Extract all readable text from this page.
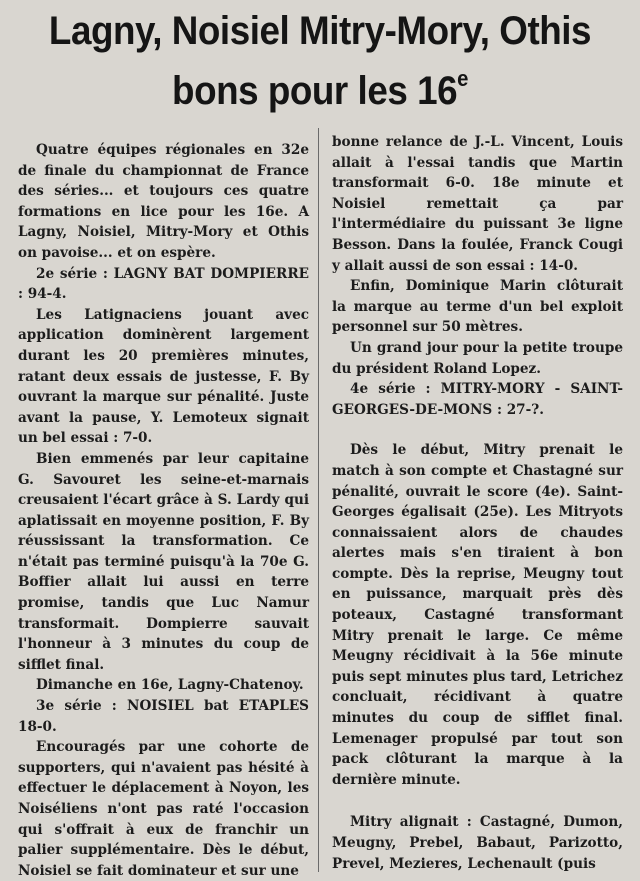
Lagny, Noisiel Mitry-Mory, Othis
bons pour les 16e

Quatre équipes régionales en 32e de finale du championnat de France des séries... et toujours ces quatre formations en lice pour les 16e. A Lagny, Noisiel, Mitry-Mory et Othis on pavoise... et on espère.

2e série : LAGNY BAT DOMPIERRE : 94-4.

Les Latignaciens jouant avec application dominèrent largement durant les 20 premières minutes, ratant deux essais de justesse, F. By ouvrant la marque sur pénalité. Juste avant la pause, Y. Lemoteux signait un bel essai : 7-0.

Bien emmenés par leur capitaine G. Savouret les seine-et-marnais creusaient l'écart grâce à S. Lardy qui aplatissait en moyenne position, F. By réussissant la transformation. Ce n'était pas terminé puisqu'à la 70e G. Boffier allait lui aussi en terre promise, tandis que Luc Namur transformait. Dompierre sauvait l'honneur à 3 minutes du coup de sifflet final.

Dimanche en 16e, Lagny-Chatenoy.

3e série : NOISIEL bat ETAPLES 18-0.

Encouragés par une cohorte de supporters, qui n'avaient pas hésité à effectuer le déplacement à Noyon, les Noiséliens n'ont pas raté l'occasion qui s'offrait à eux de franchir un palier supplémentaire. Dès le début, Noisiel se fait dominateur et sur une

bonne relance de J.-L. Vincent, Louis allait à l'essai tandis que Martin transformait 6-0. 18e minute et Noisiel remettait ça par l'intermédiaire du puissant 3e ligne Besson. Dans la foulée, Franck Cougi y allait aussi de son essai : 14-0.

Enfin, Dominique Marin clôturait la marque au terme d'un bel exploit personnel sur 50 mètres.

Un grand jour pour la petite troupe du président Roland Lopez.

4e série : MITRY-MORY - SAINT-GEORGES-DE-MONS : 27-?.

Dès le début, Mitry prenait le match à son compte et Chastagné sur pénalité, ouvrait le score (4e). Saint-Georges égalisait (25e). Les Mitryots connaissaient alors de chaudes alertes mais s'en tiraient à bon compte. Dès la reprise, Meugny tout en puissance, marquait près dès poteaux, Castagné transformant Mitry prenait le large. Ce même Meugny récidivait à la 56e minute puis sept minutes plus tard, Letrichez concluait, récidivant à quatre minutes du coup de sifflet final. Lemenager propulsé par tout son pack clôturant la marque à la dernière minute.

Mitry alignait : Castagné, Dumon, Meugny, Prebel, Babaut, Parizotto, Prevel, Mezieres, Lechenault (puis
